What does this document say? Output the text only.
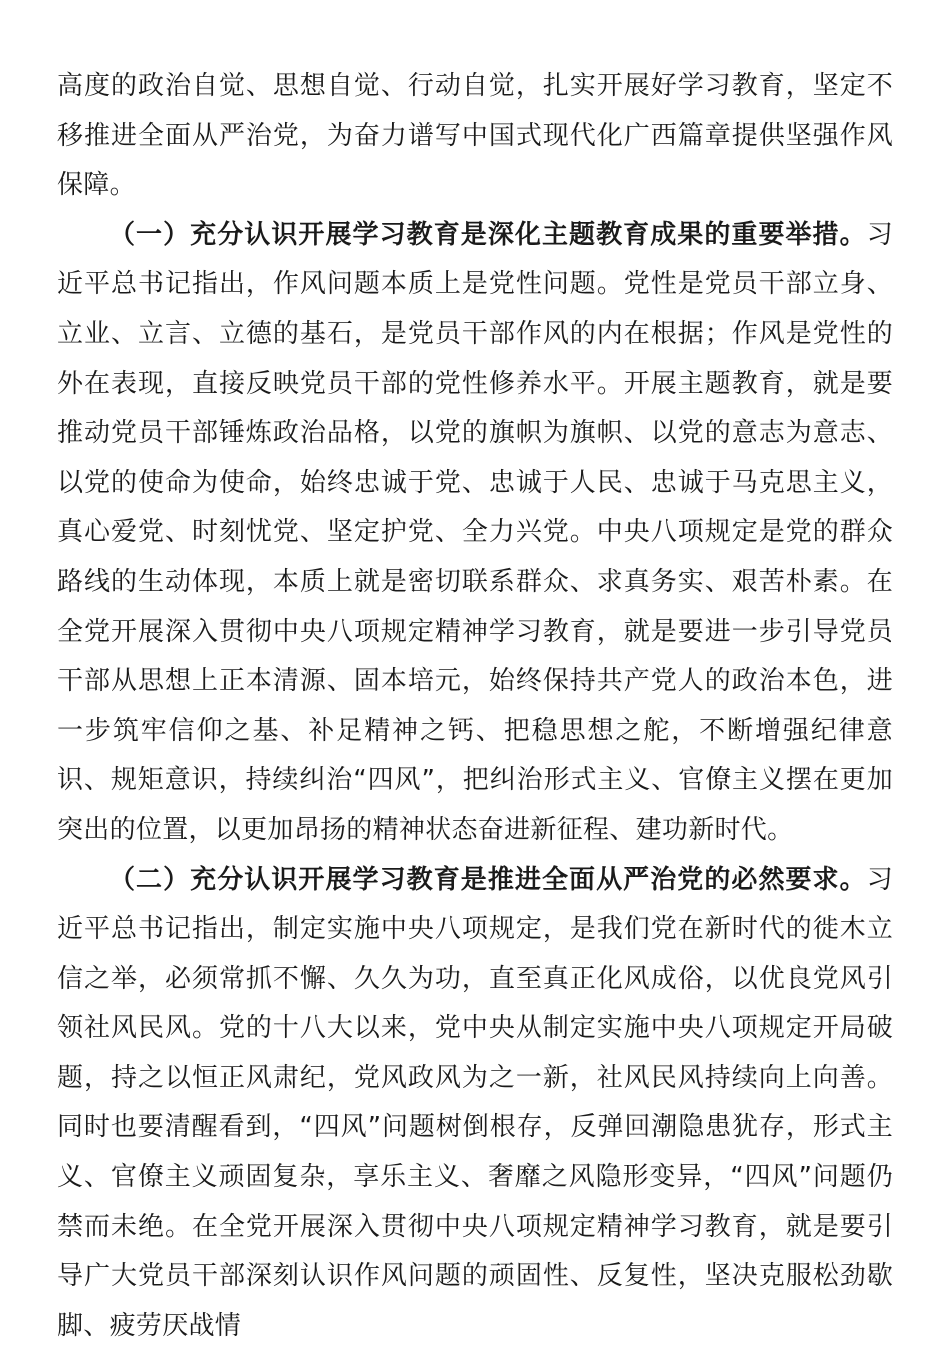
高度的政治自觉、思想自觉、行动自觉，扎实开展好学习教育，坚定不移推进全面从严治党，为奋力谱写中国式现代化广西篇章提供坚强作风保障。

（一）充分认识开展学习教育是深化主题教育成果的重要举措。习近平总书记指出，作风问题本质上是党性问题。党性是党员干部立身、立业、立言、立德的基石，是党员干部作风的内在根据；作风是党性的外在表现，直接反映党员干部的党性修养水平。开展主题教育，就是要推动党员干部锤炼政治品格，以党的旗帜为旗帜、以党的意志为意志、以党的使命为使命，始终忠诚于党、忠诚于人民、忠诚于马克思主义，真心爱党、时刻忧党、坚定护党、全力兴党。中央八项规定是党的群众路线的生动体现，本质上就是密切联系群众、求真务实、艰苦朴素。在全党开展深入贯彻中央八项规定精神学习教育，就是要进一步引导党员干部从思想上正本清源、固本培元，始终保持共产党人的政治本色，进一步筑牢信仰之基、补足精神之钙、把稳思想之舵，不断增强纪律意识、规矩意识，持续纠治“四风”，把纠治形式主义、官僚主义摆在更加突出的位置，以更加昂扬的精神状态奋进新征程、建功新时代。

（二）充分认识开展学习教育是推进全面从严治党的必然要求。习近平总书记指出，制定实施中央八项规定，是我们党在新时代的徙木立信之举，必须常抓不懈、久久为功，直至真正化风成俗，以优良党风引领社风民风。党的十八大以来，党中央从制定实施中央八项规定开局破题，持之以恒正风肃纪，党风政风为之一新，社风民风持续向上向善。同时也要清醒看到，“四风”问题树倒根存，反弹回潮隐患犹存，形式主义、官僚主义顽固复杂，享乐主义、奢靡之风隐形变异，“四风”问题仍禁而未绝。在全党开展深入贯彻中央八项规定精神学习教育，就是要引导广大党员干部深刻认识作风问题的顽固性、反复性，坚决克服松劲歇脚、疲劳厌战情
